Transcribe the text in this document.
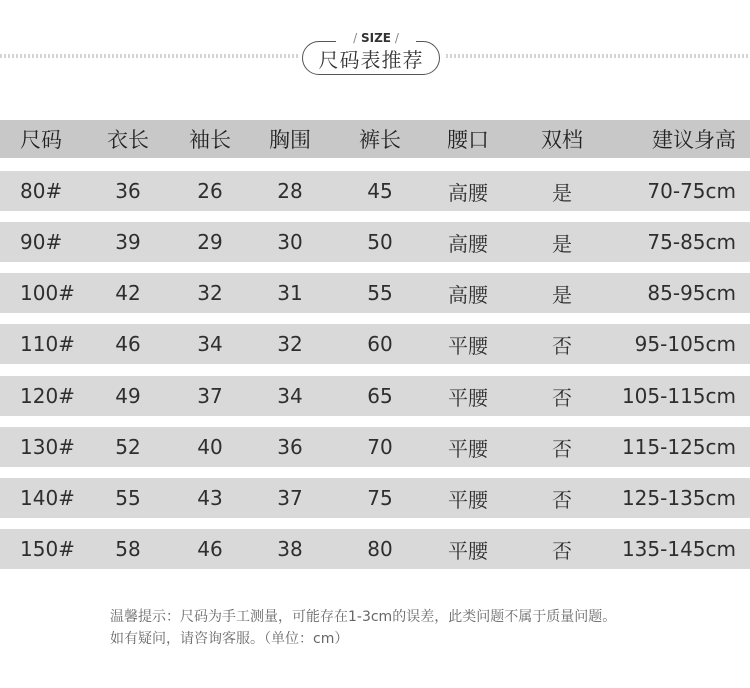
尺码表推荐
/ SIZE /
尺码	衣长	袖长	胸围	裤长	腰口	双档	建议身高
80#	36	26	28	45	高腰	是	70-75cm
90#	39	29	30	50	高腰	是	75-85cm
100#	42	32	31	55	高腰	是	85-95cm
110#	46	34	32	60	平腰	否	95-105cm
120#	49	37	34	65	平腰	否	105-115cm
130#	52	40	36	70	平腰	否	115-125cm
140#	55	43	37	75	平腰	否	125-135cm
150#	58	46	38	80	平腰	否	135-145cm
温馨提示：尺码为手工测量，可能存在1-3cm的误差，此类问题不属于质量问题。
如有疑问，请咨询客服。（单位：cm）
